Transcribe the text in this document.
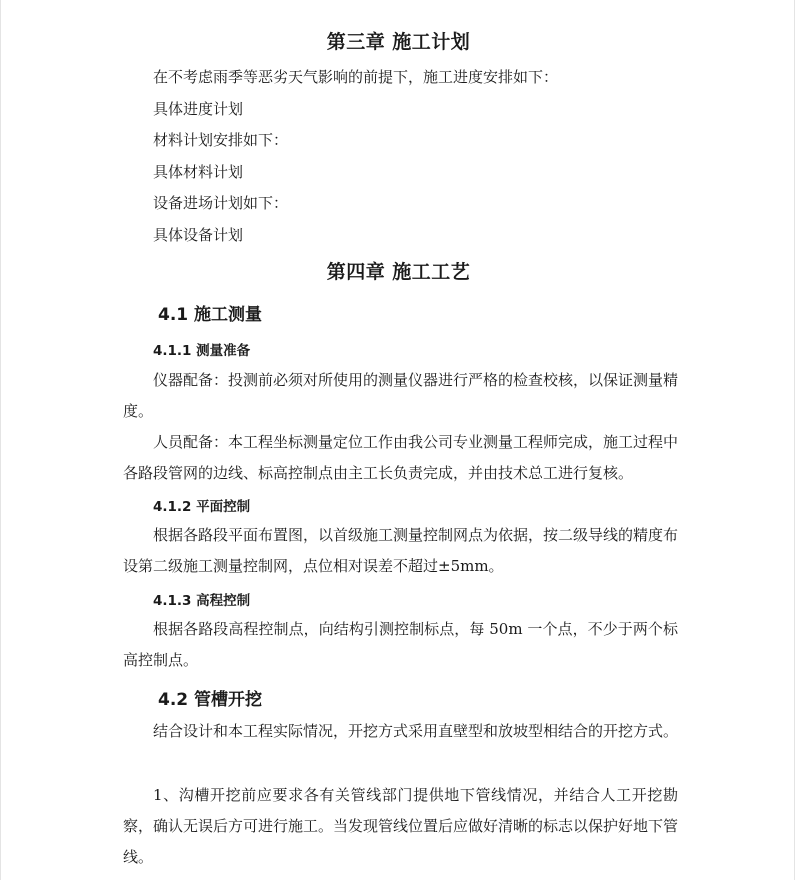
第三章 施工计划
在不考虑雨季等恶劣天气影响的前提下，施工进度安排如下：
具体进度计划
材料计划安排如下：
具体材料计划
设备进场计划如下：
具体设备计划
第四章 施工工艺
4.1 施工测量
4.1.1 测量准备
仪器配备：投测前必须对所使用的测量仪器进行严格的检查校核，以保证测量精度。
人员配备：本工程坐标测量定位工作由我公司专业测量工程师完成，施工过程中各路段管网的边线、标高控制点由主工长负责完成，并由技术总工进行复核。
4.1.2 平面控制
根据各路段平面布置图，以首级施工测量控制网点为依据，按二级导线的精度布设第二级施工测量控制网，点位相对误差不超过±5mm。
4.1.3 高程控制
根据各路段高程控制点，向结构引测控制标点，每 50m 一个点，不少于两个标高控制点。
4.2 管槽开挖
结合设计和本工程实际情况，开挖方式采用直壁型和放坡型相结合的开挖方式。
1、沟槽开挖前应要求各有关管线部门提供地下管线情况，并结合人工开挖勘察，确认无误后方可进行施工。当发现管线位置后应做好清晰的标志以保护好地下管线。
